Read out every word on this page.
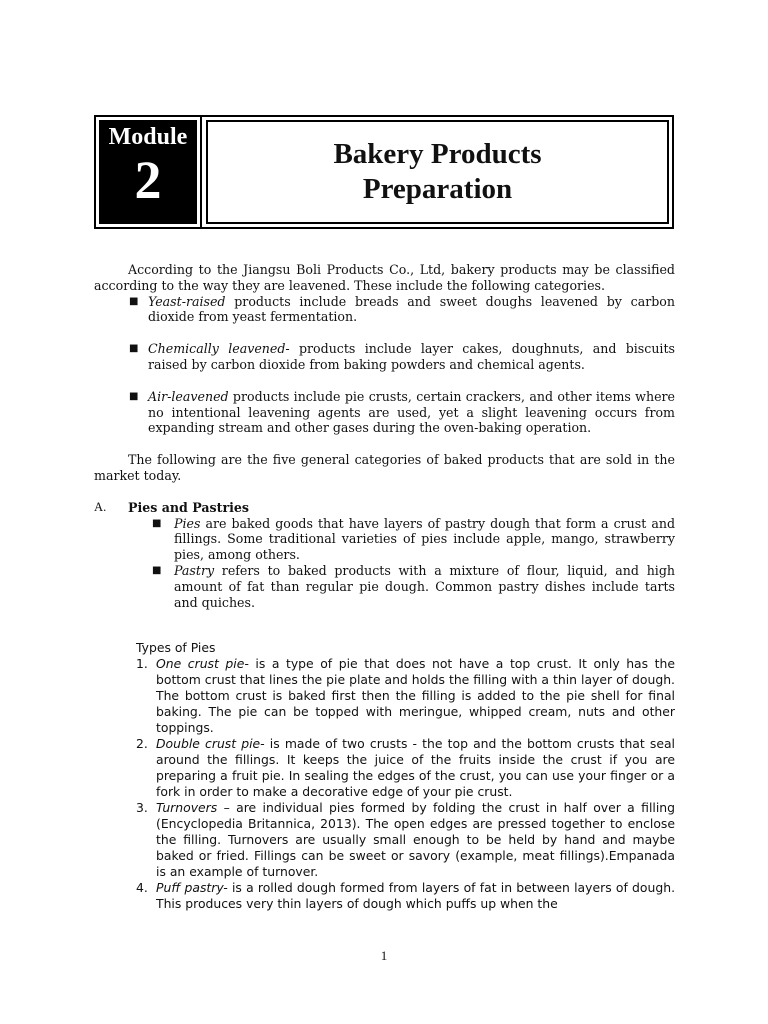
Module
2	Bakery Products
Preparation

According to the Jiangsu Boli Products Co., Ltd, bakery products may be classified according to the way they are leavened. These include the following categories.

■ Yeast-raised products include breads and sweet doughs leavened by carbon dioxide from yeast fermentation.
■ Chemically leavened- products include layer cakes, doughnuts, and biscuits raised by carbon dioxide from baking powders and chemical agents.
■ Air-leavened products include pie crusts, certain crackers, and other items where no intentional leavening agents are used, yet a slight leavening occurs from expanding stream and other gases during the oven-baking operation.

The following are the five general categories of baked products that are sold in the market today.

A.	Pies and Pastries
■ Pies are baked goods that have layers of pastry dough that form a crust and fillings. Some traditional varieties of pies include apple, mango, strawberry pies, among others.
■ Pastry refers to baked products with a mixture of flour, liquid, and high amount of fat than regular pie dough. Common pastry dishes include tarts and quiches.
Types of Pies
1. One crust pie- is a type of pie that does not have a top crust. It only has the bottom crust that lines the pie plate and holds the filling with a thin layer of dough. The bottom crust is baked first then the filling is added to the pie shell for final baking. The pie can be topped with meringue, whipped cream, nuts and other toppings.
2. Double crust pie- is made of two crusts - the top and the bottom crusts that seal around the fillings. It keeps the juice of the fruits inside the crust if you are preparing a fruit pie. In sealing the edges of the crust, you can use your finger or a fork in order to make a decorative edge of your pie crust.
3. Turnovers – are individual pies formed by folding the crust in half over a filling (Encyclopedia Britannica, 2013). The open edges are pressed together to enclose the filling. Turnovers are usually small enough to be held by hand and maybe baked or fried. Fillings can be sweet or savory (example, meat fillings).Empanada is an example of turnover.
4. Puff pastry- is a rolled dough formed from layers of fat in between layers of dough. This produces very thin layers of dough which puffs up when the
1
